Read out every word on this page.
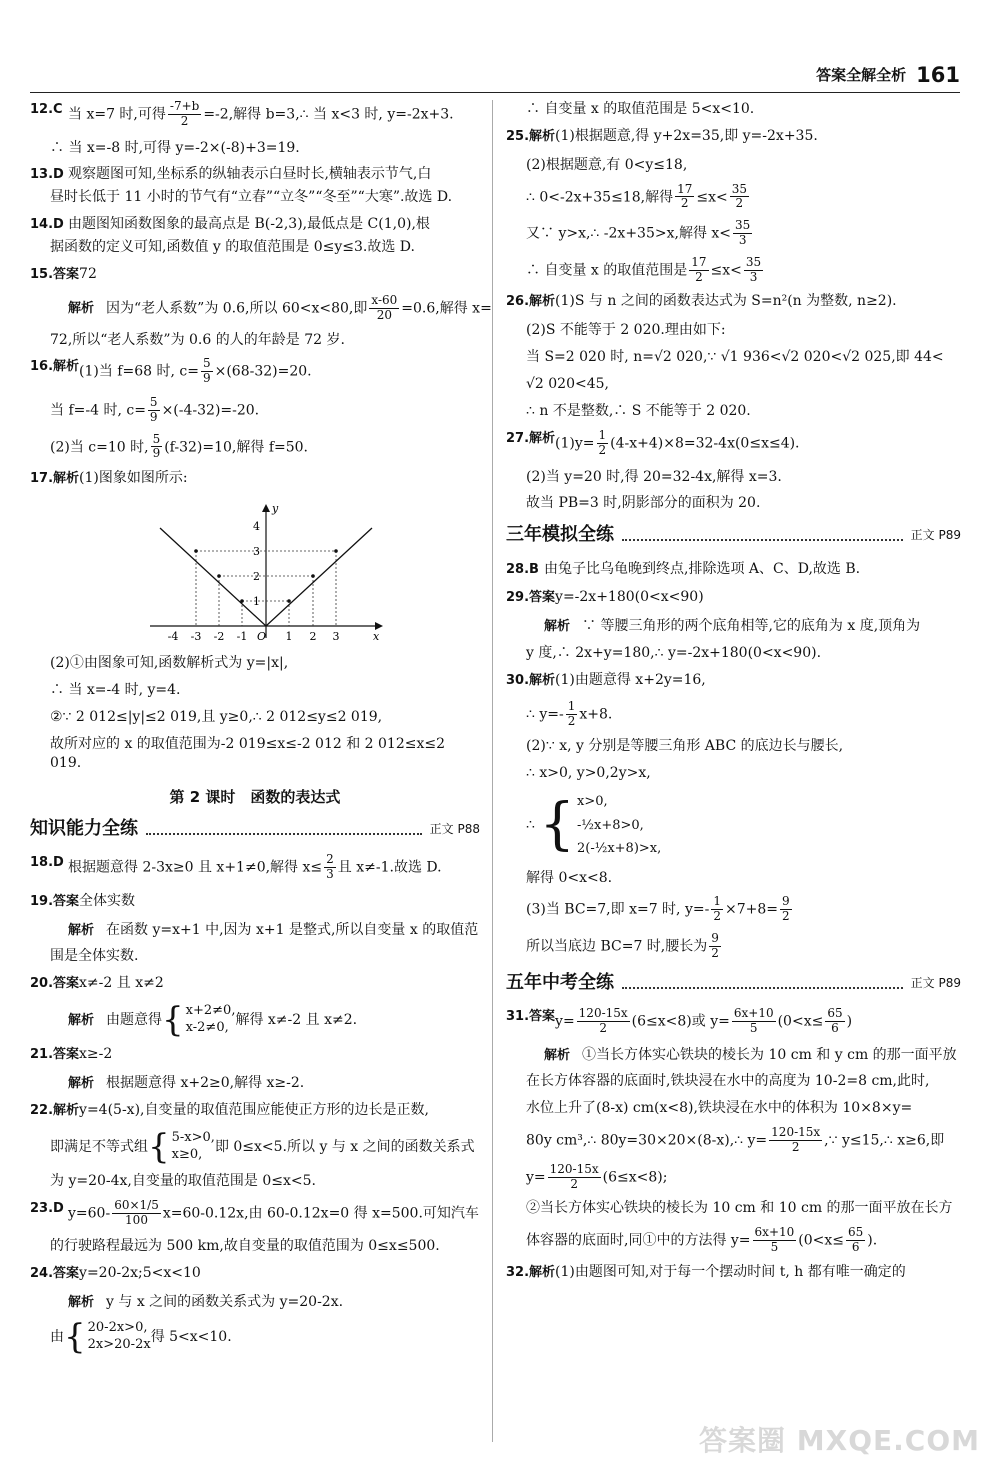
答案全解全析 161
12.C 当 x=7 时,可得 $\frac{-7+b}{2} =-2$,解得 b=3,∴ 当 x<3 时, y=-2x+3.
∴ 当 x=-8 时,可得 y=-2×(-8)+3=19.
13.D 观察题图可知,坐标系的纵轴表示白昼时长,横轴表示节气,白
昼时长低于 11 小时的节气有“立春”“立冬”“冬至”“大寒”.故选 D.
14.D 由题图知函数图象的最高点是 B(-2,3),最低点是 C(1,0),根
据函数的定义可知,函数值 y 的取值范围是 0≤y≤3.故选 D.
15.答案 72
解析 因为“老人系数”为 0.6,所以 60<x<80,即 $\frac{x-60}{20} =0.6$,解得 x=
72,所以“老人系数”为 0.6 的人的年龄是 72 岁.
16.解析 (1)当 f=68 时, $c= \frac{5}{9} \times(68-32)=20$.
当 f=-4 时, $c= \frac{5}{9} \times(-4-32)=-20$.
(2)当 c=10 时, $\frac{5}{9} (f-32)=10$,解得 f=50.
17.解析 (1)图象如图所示:
y
x
O
-4 -3 -2 -1	1 2 3
4
3
2
1
(2)①由图象可知,函数解析式为 y=|x|,
∴ 当 x=-4 时, y=4.
②∵ 2 012≤|y|≤2 019,且 y≥0,∴ 2 012≤y≤2 019,
故所对应的 x 的取值范围为-2 019≤x≤-2 012 和 2 012≤x≤2 019.
第 2 课时　函数的表达式
知识能力全练	正文 P88
18.D 根据题意得 2-3x≥0 且 x+1≠0,解得 $x\le \frac{2}{3}$ 且 x≠-1.故选 D.
19.答案 全体实数
解析 在函数 y=x+1 中,因为 x+1 是整式,所以自变量 x 的取值范
围是全体实数.
20.答案 x≠-2 且 x≠2
解析 由题意得 { x+2≠0,
x-2≠0, 解得 x≠-2 且 x≠2.
21.答案 x≥-2
解析 根据题意得 x+2≥0,解得 x≥-2.
22.解析 y=4(5-x),自变量的取值范围应能使正方形的边长是正数,
即满足不等式组 { 5-x>0,
x≥0, 即 0≤x<5.所以 y 与 x 之间的函数关系式
为 y=20-4x,自变量的取值范围是 0≤x<5.
23.D $y=60- \frac{60\times 1/5}{100} x=60-0.12x$,由 60-0.12x=0 得 x=500.可知汽车
的行驶路程最远为 500 km,故自变量的取值范围为 0≤x≤500.
24.答案 y=20-2x;5<x<10
解析 y 与 x 之间的函数关系式为 y=20-2x.
由 { 20-2x>0,
2x>20-2x 得 5<x<10.
∴ 自变量 x 的取值范围是 5<x<10.
25.解析 (1)根据题意,得 y+2x=35,即 y=-2x+35.
(2)根据题意,有 0<y≤18,
∴ 0<-2x+35≤18,解得 $\frac{17}{2} \le x< \frac{35}{2}$
又∵ y>x,∴ -2x+35>x,解得 $x< \frac{35}{3}$
∴ 自变量 x 的取值范围是 $\frac{17}{2} \le x< \frac{35}{3}$
26.解析 (1)S 与 n 之间的函数表达式为 S=n²(n 为整数, n≥2).
(2)S 不能等于 2 020.理由如下:
当 S=2 020 时, n=√2 020,∵ √1 936<√2 020<√2 025,即 44<
√2 020<45,
∴ n 不是整数,∴ S 不能等于 2 020.
27.解析 $(1)y= \frac{1}{2} (4-x+4)\times 8=32-4x(0\le x\le 4)$.
(2)当 y=20 时,得 20=32-4x,解得 x=3.
故当 PB=3 时,阴影部分的面积为 20.
三年模拟全练	正文 P89
28.B 由兔子比乌龟晚到终点,排除选项 A、C、D,故选 B.
29.答案 y=-2x+180(0<x<90)
解析 ∵ 等腰三角形的两个底角相等,它的底角为 x 度,顶角为
y 度,∴ 2x+y=180,∴ y=-2x+180(0<x<90).
30.解析 (1)由题意得 x+2y=16,
∴ $y=- \frac{1}{2} x+8$.
(2)∵ x, y 分别是等腰三角形 ABC 的底边长与腰长,
∴ x>0, y>0,2y>x,
∴ { x>0,
-½x+8>0,
2(-½x+8)>x,
解得 0<x<8.
(3)当 BC=7,即 x=7 时, $y=- \frac{1}{2} \times 7+8= \frac{9}{2}$
所以当底边 BC=7 时,腰长为 $\frac{9}{2}$
五年中考全练	正文 P89
31.答案 $y= \frac{120-15x}{2} (6\le x<8)$或 $y= \frac{6x+10}{5} (0<x\le \frac{65}{6}$ )
解析 ①当长方体实心铁块的棱长为 10 cm 和 y cm 的那一面平放
在长方体容器的底面时,铁块浸在水中的高度为 10-2=8 cm,此时,
水位上升了(8-x) cm(x<8),铁块浸在水中的体积为 10×8×y=
80y cm³,∴ 80y=30×20×(8-x),∴ $y= \frac{120-15x}{2}$ ,∵ y≤15,∴ x≥6,即
$y= \frac{120-15x}{2} (6\le x<8)$;
②当长方体实心铁块的棱长为 10 cm 和 10 cm 的那一面平放在长方
体容器的底面时,同①中的方法得 $y= \frac{6x+10}{5} (0<x\le \frac{65}{6}$ ).
32.解析 (1)由题图可知,对于每一个摆动时间 t, h 都有唯一确定的
答案圈 MXQE.COM
